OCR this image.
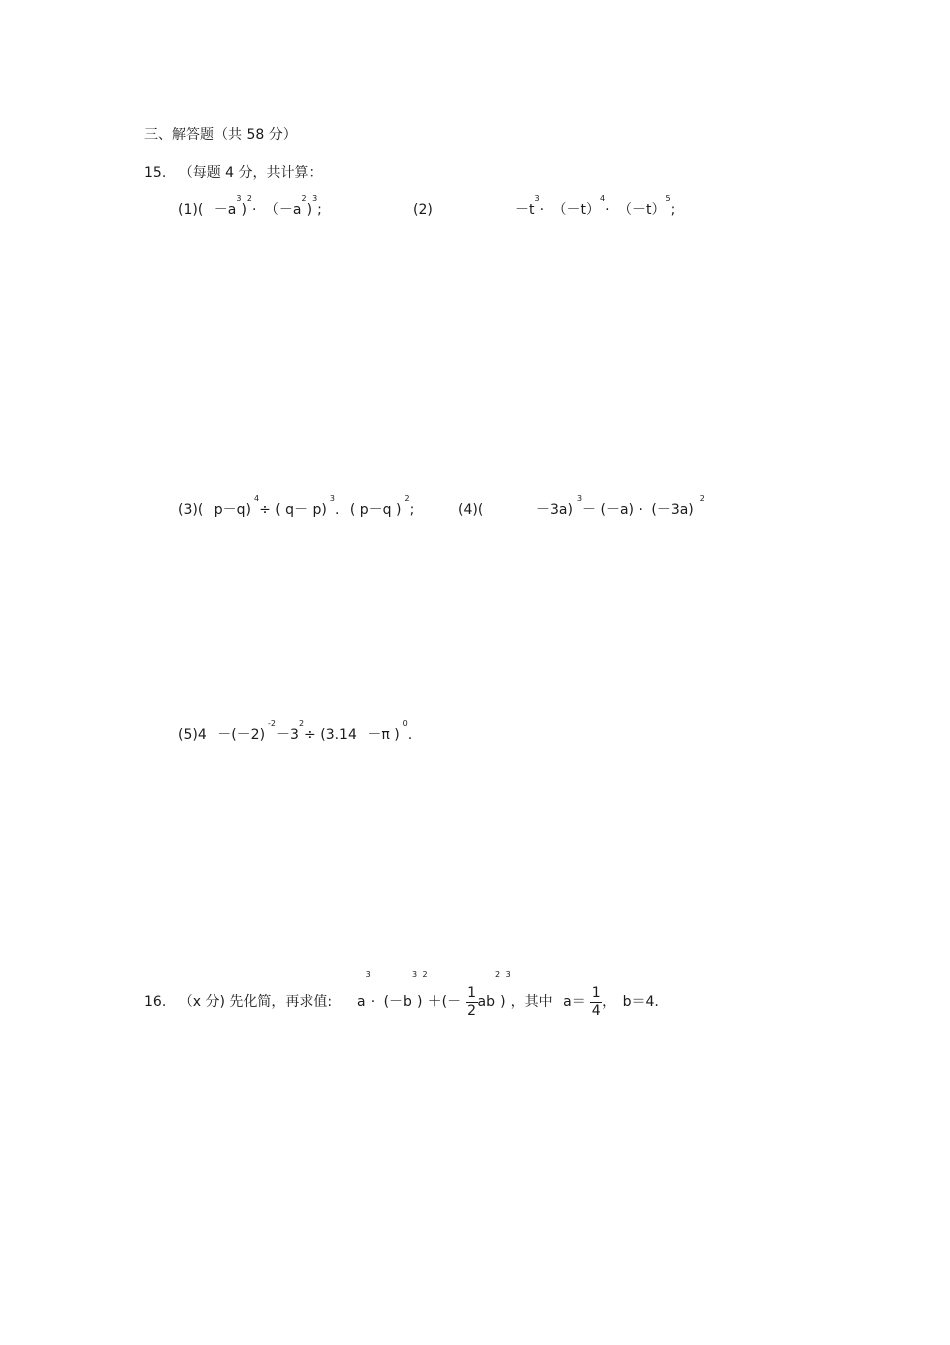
三、解答题（共 58 分）
15. （每题 4 分，共计算：
$(1)( -a^3)^2\cdot (-a^2)^3$;	(2)	$-t^3\cdot (-t)^4\cdot (-t)^5$;
(3)( p－q)$^4$÷ ( q－ p)$^3$. ( p－q )$^2$;	(4)(	$-3a)^3- (-a) \cdot (-3a)^2$
$(5)4 -(-2)^{-2}-3^2\div (3.14 -\pi$ )$^0$.
16. （x 分) 先化简，再求值: $a^3\cdot (-b^3)^2+(- \frac{1}{2} ab^2)^3$，其中 $a= \frac{1}{4}$ ， b＝4.
